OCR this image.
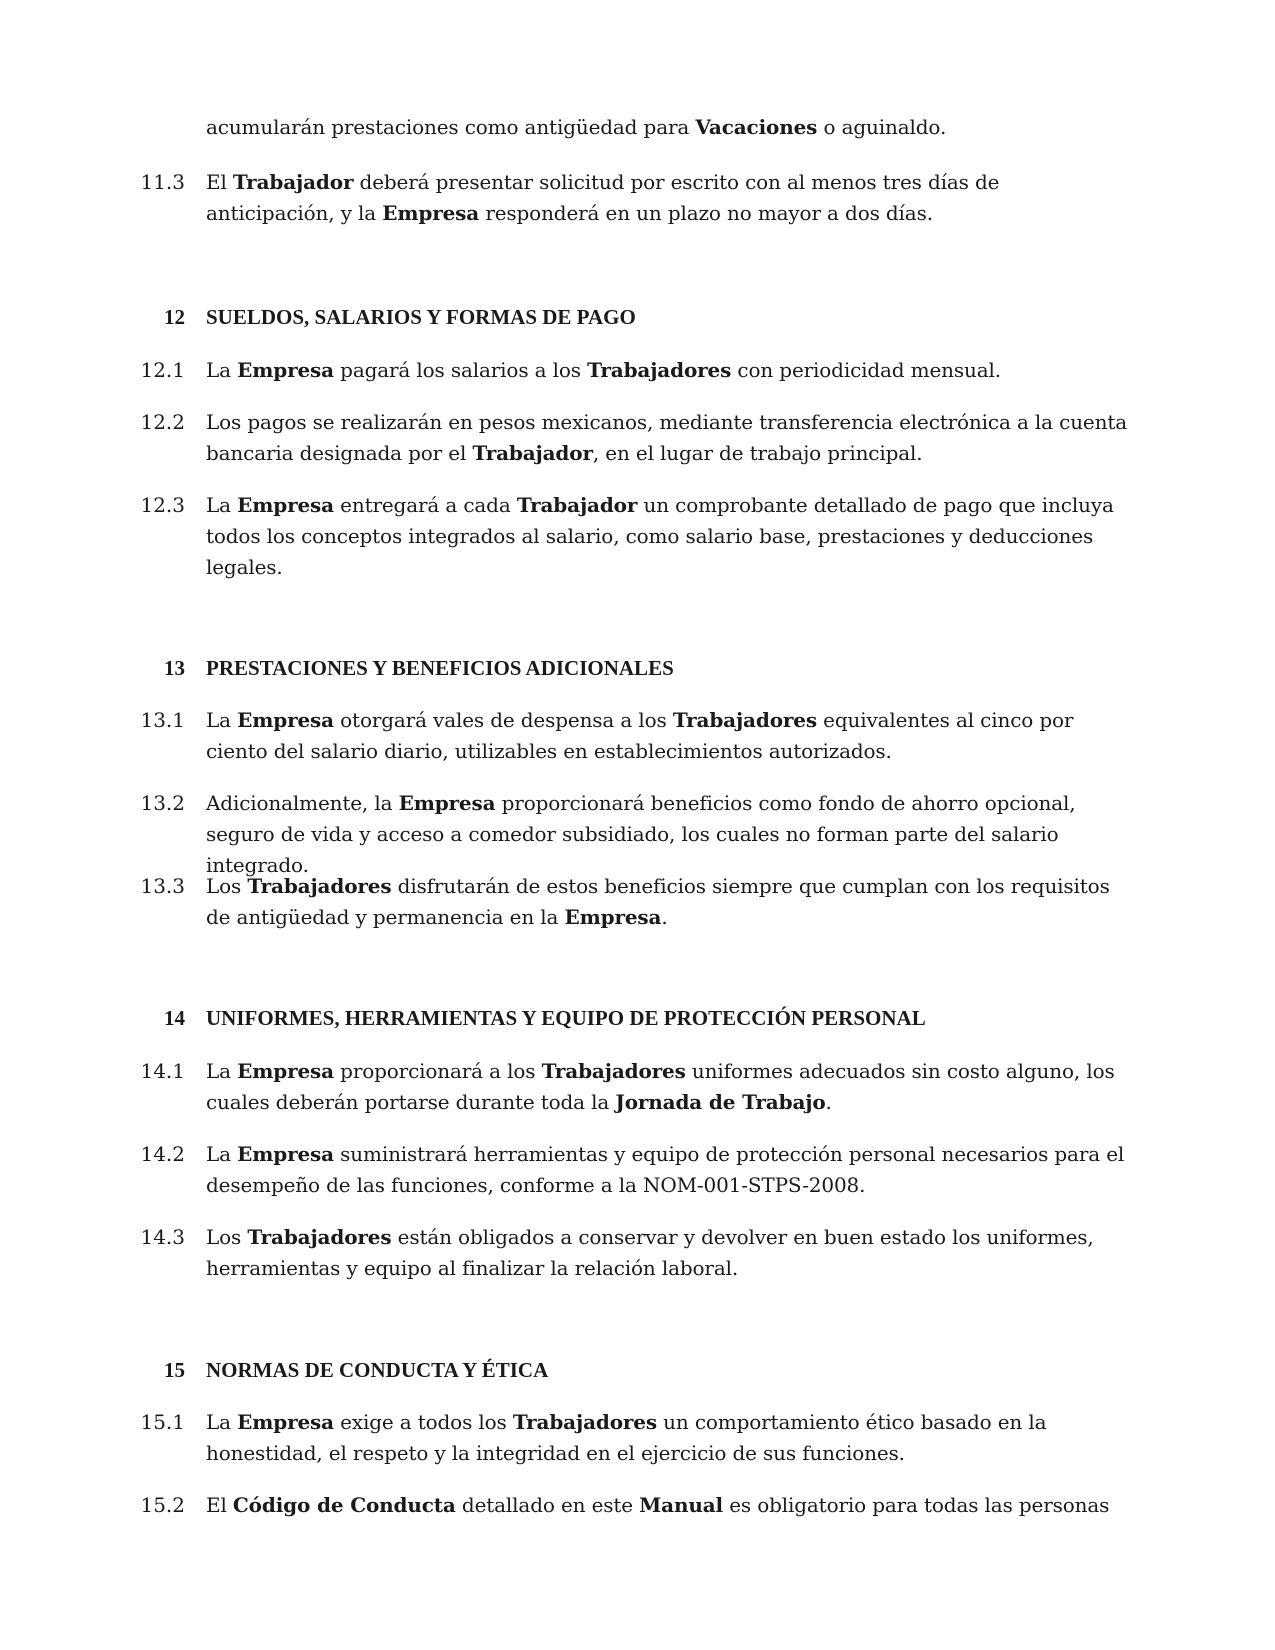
acumularán prestaciones como antigüedad para Vacaciones o aguinaldo.

11.3 El Trabajador deberá presentar solicitud por escrito con al menos tres días de anticipación, y la Empresa responderá en un plazo no mayor a dos días.

12 SUELDOS, SALARIOS Y FORMAS DE PAGO

12.1 La Empresa pagará los salarios a los Trabajadores con periodicidad mensual.

12.2 Los pagos se realizarán en pesos mexicanos, mediante transferencia electrónica a la cuenta bancaria designada por el Trabajador, en el lugar de trabajo principal.

12.3 La Empresa entregará a cada Trabajador un comprobante detallado de pago que incluya todos los conceptos integrados al salario, como salario base, prestaciones y deducciones legales.

13 PRESTACIONES Y BENEFICIOS ADICIONALES

13.1 La Empresa otorgará vales de despensa a los Trabajadores equivalentes al cinco por ciento del salario diario, utilizables en establecimientos autorizados.

13.2 Adicionalmente, la Empresa proporcionará beneficios como fondo de ahorro opcional, seguro de vida y acceso a comedor subsidiado, los cuales no forman parte del salario integrado.

13.3 Los Trabajadores disfrutarán de estos beneficios siempre que cumplan con los requisitos de antigüedad y permanencia en la Empresa.

14 UNIFORMES, HERRAMIENTAS Y EQUIPO DE PROTECCIÓN PERSONAL

14.1 La Empresa proporcionará a los Trabajadores uniformes adecuados sin costo alguno, los cuales deberán portarse durante toda la Jornada de Trabajo.

14.2 La Empresa suministrará herramientas y equipo de protección personal necesarios para el desempeño de las funciones, conforme a la NOM-001-STPS-2008.

14.3 Los Trabajadores están obligados a conservar y devolver en buen estado los uniformes, herramientas y equipo al finalizar la relación laboral.

15 NORMAS DE CONDUCTA Y ÉTICA

15.1 La Empresa exige a todos los Trabajadores un comportamiento ético basado en la honestidad, el respeto y la integridad en el ejercicio de sus funciones.

15.2 El Código de Conducta detallado en este Manual es obligatorio para todas las personas
